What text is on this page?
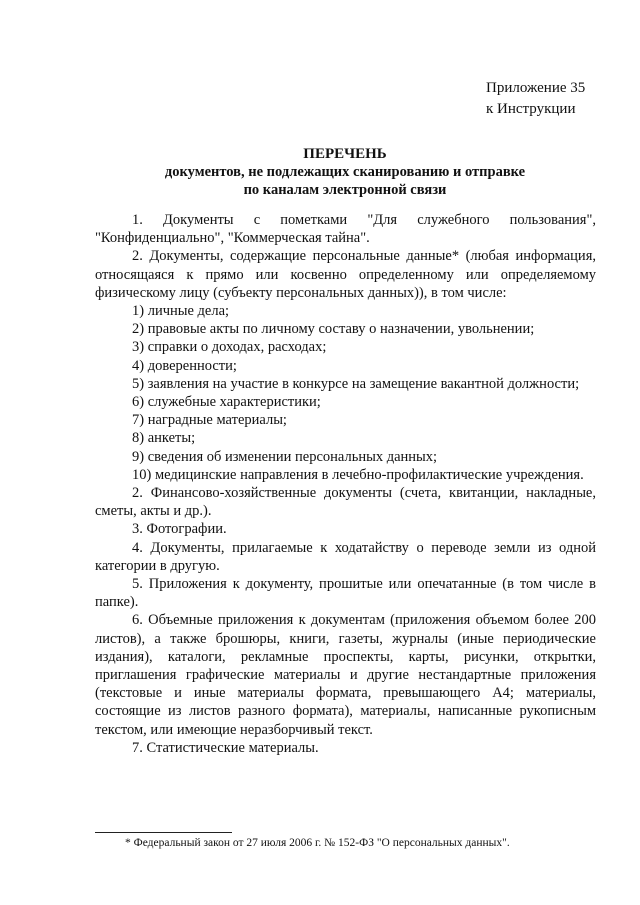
Приложение 35
к Инструкции
ПЕРЕЧЕНЬ
документов, не подлежащих сканированию и отправке
по каналам электронной связи

1. Документы с пометками "Для служебного пользования", "Конфиденциально", "Коммерческая тайна".

2. Документы, содержащие персональные данные* (любая информация, относящаяся к прямо или косвенно определенному или определяемому физическому лицу (субъекту персональных данных)), в том числе:

1) личные дела;

2) правовые акты по личному составу о назначении, увольнении;

3) справки о доходах, расходах;

4) доверенности;

5) заявления на участие в конкурсе на замещение вакантной должности;

6) служебные характеристики;

7) наградные материалы;

8) анкеты;

9) сведения об изменении персональных данных;

10) медицинские направления в лечебно-профилактические учреждения.

2. Финансово-хозяйственные документы (счета, квитанции, накладные, сметы, акты и др.).

3. Фотографии.

4. Документы, прилагаемые к ходатайству о переводе земли из одной категории в другую.

5. Приложения к документу, прошитые или опечатанные (в том числе в папке).

6. Объемные приложения к документам (приложения объемом более 200 листов), а также брошюры, книги, газеты, журналы (иные периодические издания), каталоги, рекламные проспекты, карты, рисунки, открытки, приглашения графические материалы и другие нестандартные приложения (текстовые и иные материалы формата, превышающего А4; материалы, состоящие из листов разного формата), материалы, написанные рукописным текстом, или имеющие неразборчивый текст.

7. Статистические материалы.

* Федеральный закон от 27 июля 2006 г. № 152-ФЗ "О персональных данных".
